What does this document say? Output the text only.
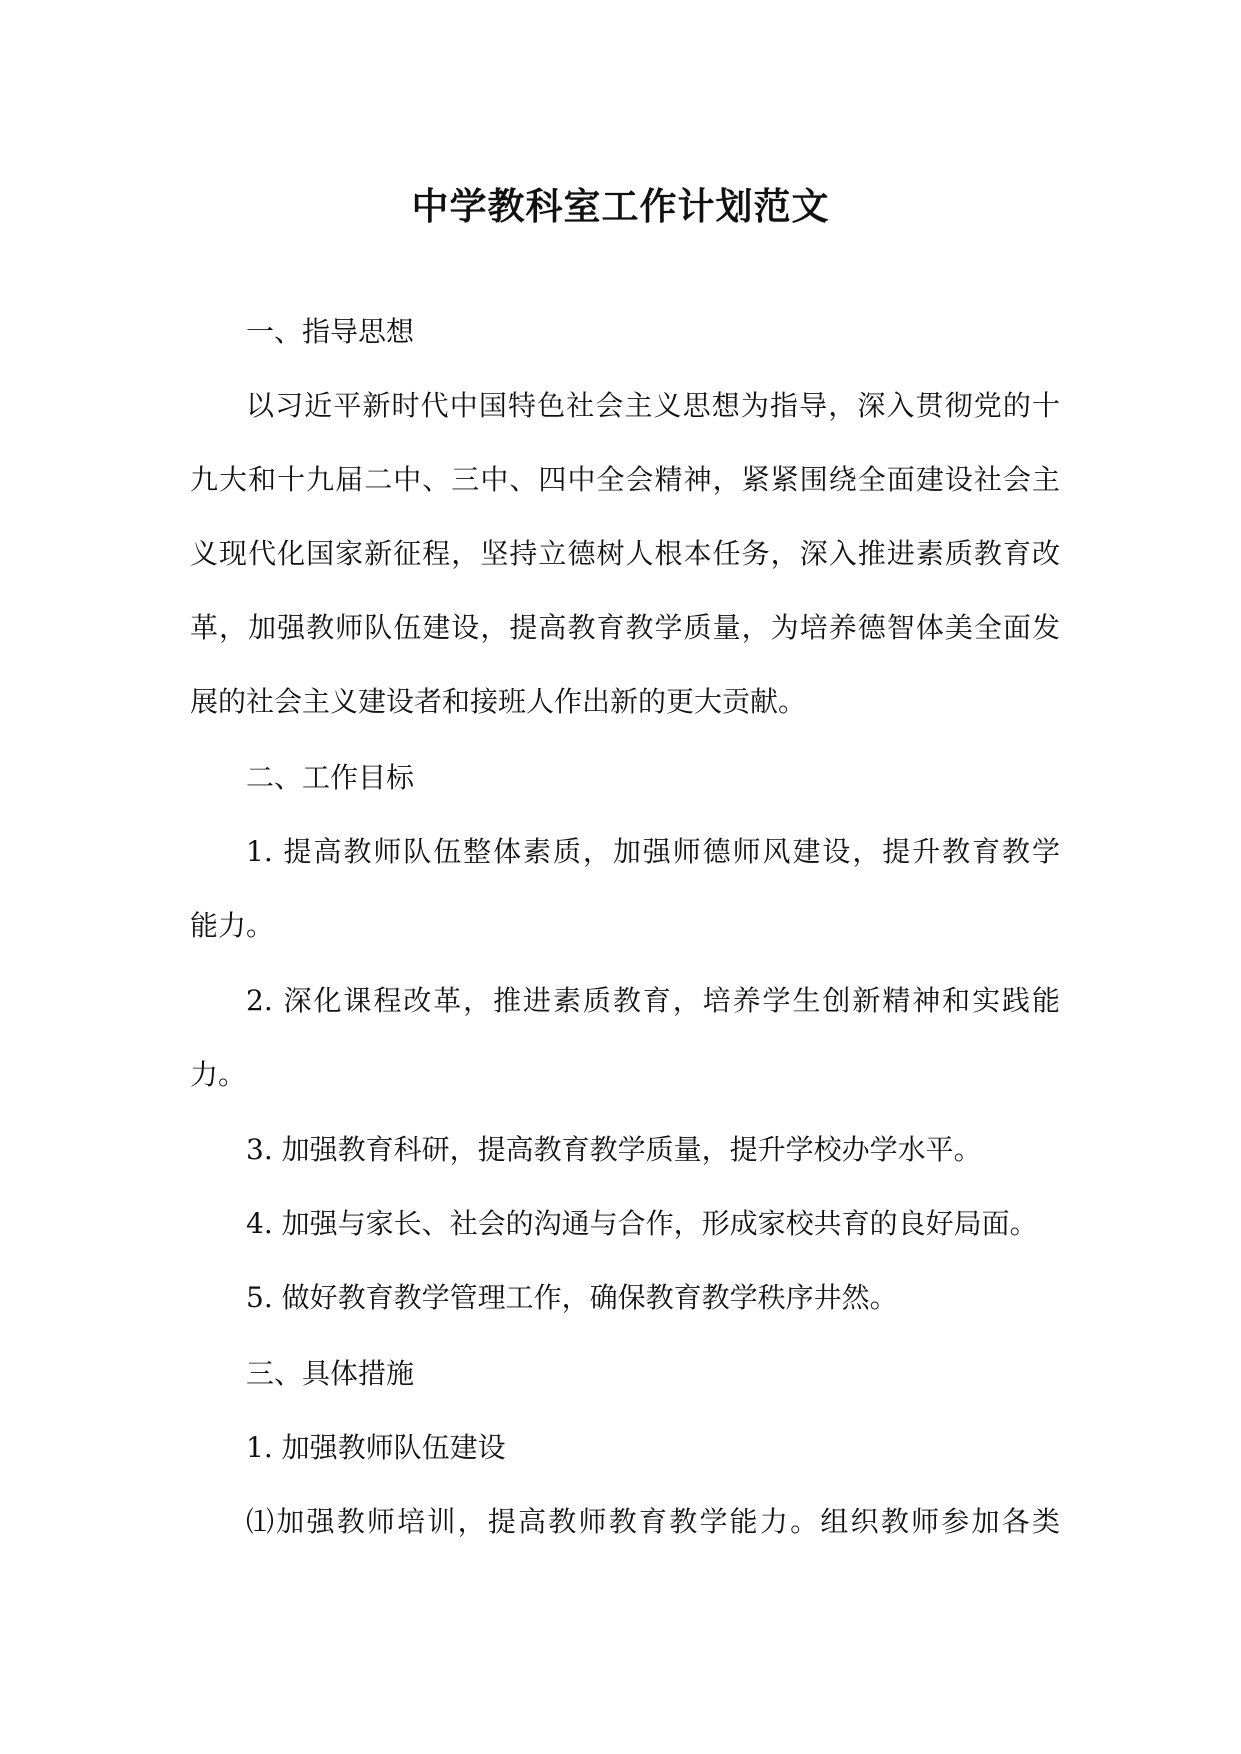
中学教科室工作计划范文

一、指导思想

以习近平新时代中国特色社会主义思想为指导，深入贯彻党的十

九大和十九届二中、三中、四中全会精神，紧紧围绕全面建设社会主

义现代化国家新征程，坚持立德树人根本任务，深入推进素质教育改

革，加强教师队伍建设，提高教育教学质量，为培养德智体美全面发

展的社会主义建设者和接班人作出新的更大贡献。

二、工作目标

1. 提高教师队伍整体素质，加强师德师风建设，提升教育教学

能力。

2. 深化课程改革，推进素质教育，培养学生创新精神和实践能

力。

3. 加强教育科研，提高教育教学质量，提升学校办学水平。

4. 加强与家长、社会的沟通与合作，形成家校共育的良好局面。

5. 做好教育教学管理工作，确保教育教学秩序井然。

三、具体措施

1. 加强教师队伍建设

⑴加强教师培训，提高教师教育教学能力。组织教师参加各类
